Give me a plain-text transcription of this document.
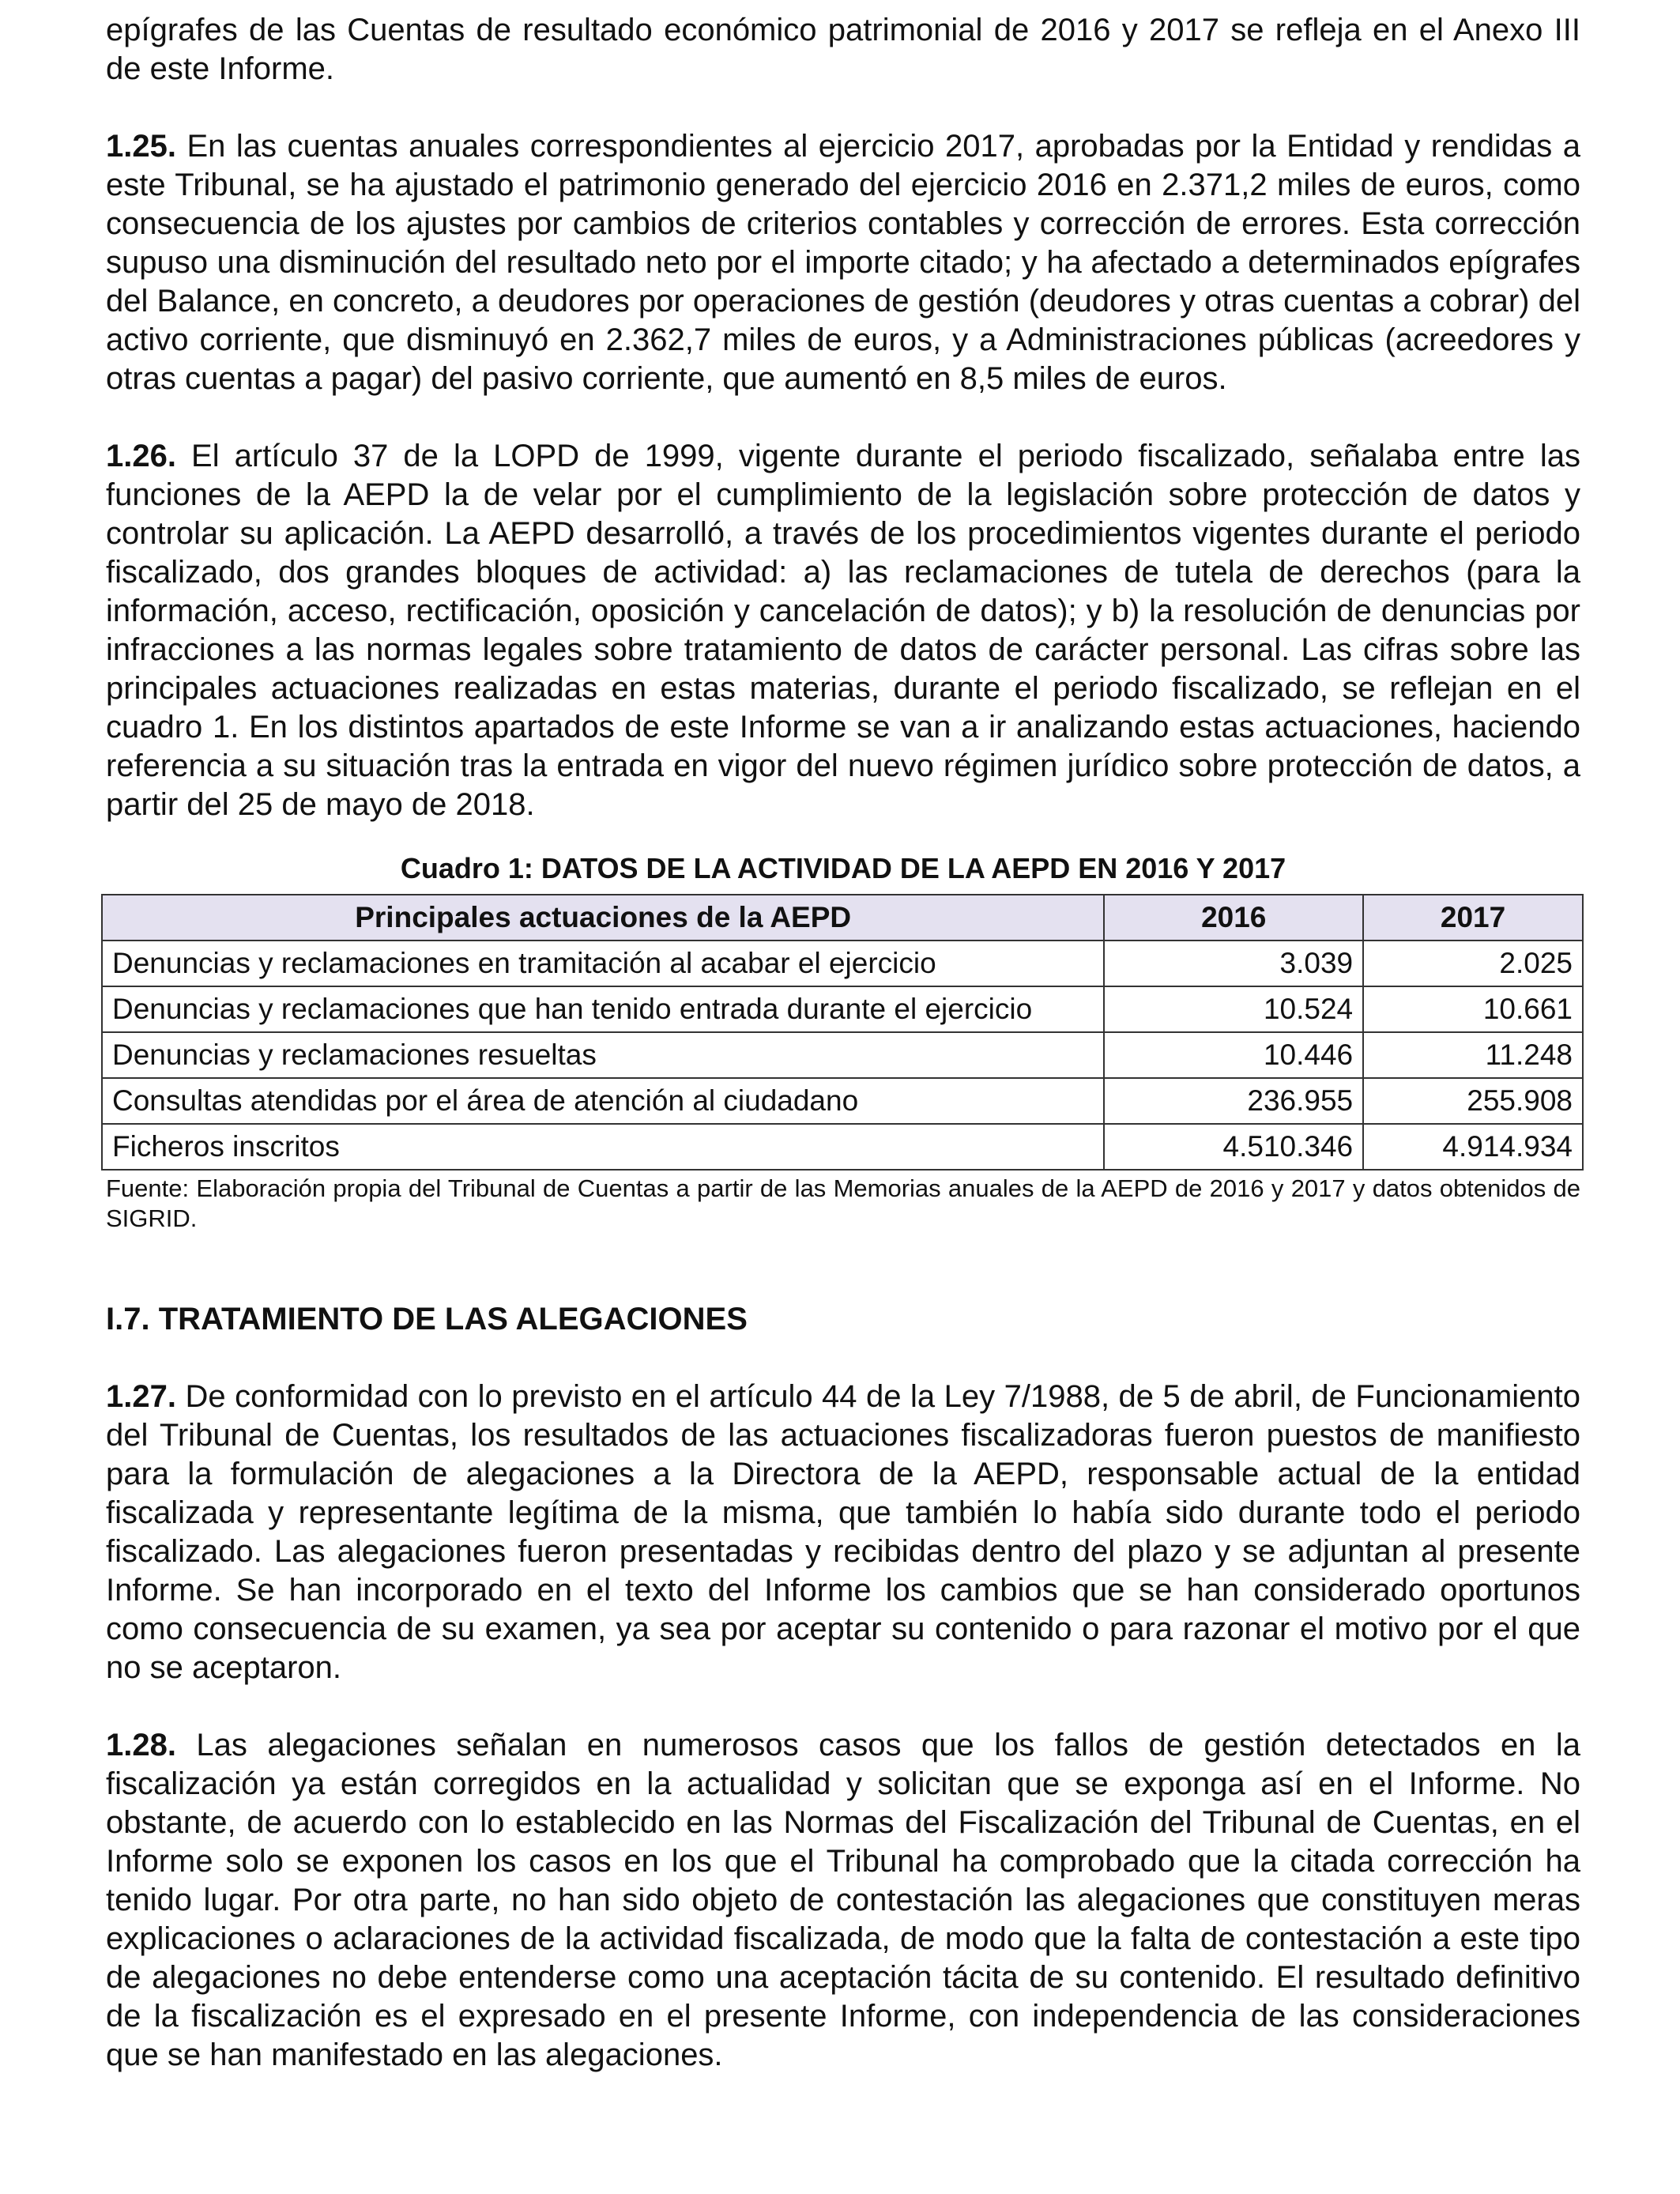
epígrafes de las Cuentas de resultado económico patrimonial de 2016 y 2017 se refleja en el Anexo III de este Informe.

1.25. En las cuentas anuales correspondientes al ejercicio 2017, aprobadas por la Entidad y rendidas a este Tribunal, se ha ajustado el patrimonio generado del ejercicio 2016 en 2.371,2 miles de euros, como consecuencia de los ajustes por cambios de criterios contables y corrección de errores. Esta corrección supuso una disminución del resultado neto por el importe citado; y ha afectado a determinados epígrafes del Balance, en concreto, a deudores por operaciones de gestión (deudores y otras cuentas a cobrar) del activo corriente, que disminuyó en 2.362,7 miles de euros, y a Administraciones públicas (acreedores y otras cuentas a pagar) del pasivo corriente, que aumentó en 8,5 miles de euros.

1.26. El artículo 37 de la LOPD de 1999, vigente durante el periodo fiscalizado, señalaba entre las funciones de la AEPD la de velar por el cumplimiento de la legislación sobre protección de datos y controlar su aplicación. La AEPD desarrolló, a través de los procedimientos vigentes durante el periodo fiscalizado, dos grandes bloques de actividad: a) las reclamaciones de tutela de derechos (para la información, acceso, rectificación, oposición y cancelación de datos); y b) la resolución de denuncias por infracciones a las normas legales sobre tratamiento de datos de carácter personal. Las cifras sobre las principales actuaciones realizadas en estas materias, durante el periodo fiscalizado, se reflejan en el cuadro 1. En los distintos apartados de este Informe se van a ir analizando estas actuaciones, haciendo referencia a su situación tras la entrada en vigor del nuevo régimen jurídico sobre protección de datos, a partir del 25 de mayo de 2018.

Cuadro 1: DATOS DE LA ACTIVIDAD DE LA AEPD EN 2016 Y 2017

Principales actuaciones de la AEPD	2016	2017
Denuncias y reclamaciones en tramitación al acabar el ejercicio	3.039	2.025
Denuncias y reclamaciones que han tenido entrada durante el ejercicio	10.524	10.661
Denuncias y reclamaciones resueltas	10.446	11.248
Consultas atendidas por el área de atención al ciudadano	236.955	255.908
Ficheros inscritos	4.510.346	4.914.934

Fuente: Elaboración propia del Tribunal de Cuentas a partir de las Memorias anuales de la AEPD de 2016 y 2017 y datos obtenidos de SIGRID.

I.7. TRATAMIENTO DE LAS ALEGACIONES

1.27. De conformidad con lo previsto en el artículo 44 de la Ley 7/1988, de 5 de abril, de Funcionamiento del Tribunal de Cuentas, los resultados de las actuaciones fiscalizadoras fueron puestos de manifiesto para la formulación de alegaciones a la Directora de la AEPD, responsable actual de la entidad fiscalizada y representante legítima de la misma, que también lo había sido durante todo el periodo fiscalizado. Las alegaciones fueron presentadas y recibidas dentro del plazo y se adjuntan al presente Informe. Se han incorporado en el texto del Informe los cambios que se han considerado oportunos como consecuencia de su examen, ya sea por aceptar su contenido o para razonar el motivo por el que no se aceptaron.

1.28. Las alegaciones señalan en numerosos casos que los fallos de gestión detectados en la fiscalización ya están corregidos en la actualidad y solicitan que se exponga así en el Informe. No obstante, de acuerdo con lo establecido en las Normas del Fiscalización del Tribunal de Cuentas, en el Informe solo se exponen los casos en los que el Tribunal ha comprobado que la citada corrección ha tenido lugar. Por otra parte, no han sido objeto de contestación las alegaciones que constituyen meras explicaciones o aclaraciones de la actividad fiscalizada, de modo que la falta de contestación a este tipo de alegaciones no debe entenderse como una aceptación tácita de su contenido. El resultado definitivo de la fiscalización es el expresado en el presente Informe, con independencia de las consideraciones que se han manifestado en las alegaciones.
